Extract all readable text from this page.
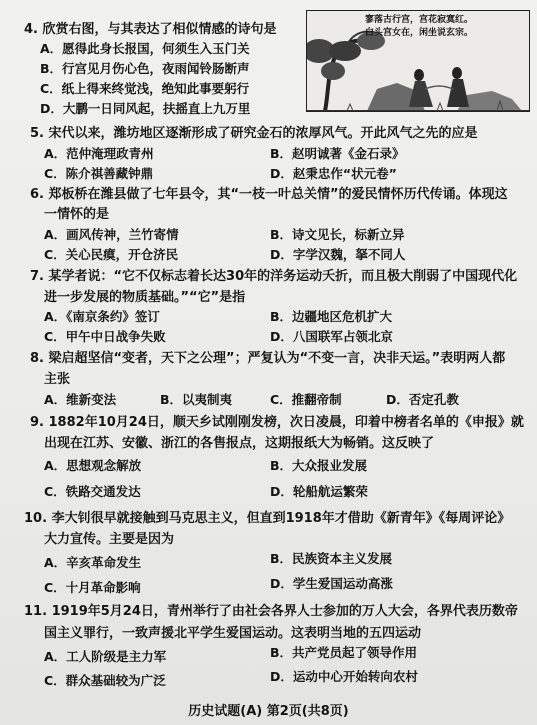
寥落古行宫，宫花寂寞红。
白头宫女在，闲坐说玄宗。
4. 欣赏右图，与其表达了相似情感的诗句是
A．愿得此身长报国，何须生入玉门关
B．行宫见月伤心色，夜雨闻铃肠断声
C．纸上得来终觉浅，绝知此事要躬行
D．大鹏一日同风起，扶摇直上九万里
5. 宋代以来，潍坊地区逐渐形成了研究金石的浓厚风气。开此风气之先的应是
A．范仲淹理政青州	B．赵明诚著《金石录》
C．陈介祺善藏钟鼎	D．赵秉忠作“状元卷”
6. 郑板桥在潍县做了七年县令，其“一枝一叶总关情”的爱民情怀历代传诵。体现这
一情怀的是
A．画风传神，兰竹寄情	B．诗文见长，标新立异
C．关心民瘼，开仓济民	D．字学汉魏，拏不同人
7. 某学者说：“它不仅标志着长达30年的洋务运动夭折，而且极大削弱了中国现代化
进一步发展的物质基础。”“它”是指
A．《南京条约》签订	B．边疆地区危机扩大
C．甲午中日战争失败	D．八国联军占领北京
8. 梁启超坚信“变者，天下之公理”；严复认为“不变一言，决非天运。”表明两人都
主张
A．维新变法	B．以夷制夷	C．推翻帝制	D．否定孔教
9. 1882年10月24日，顺天乡试刚刚发榜，次日凌晨，印着中榜者名单的《申报》就
出现在江苏、安徽、浙江的各售报点，这期报纸大为畅销。这反映了
A．思想观念解放	B．大众报业发展
C．铁路交通发达	D．轮船航运繁荣
10. 李大钊很早就接触到马克思主义，但直到1918年才借助《新青年》《每周评论》
大力宣传。主要是因为
A．辛亥革命发生	B．民族资本主义发展
C．十月革命影响	D．学生爱国运动高涨
11. 1919年5月24日，青州举行了由社会各界人士参加的万人大会，各界代表历数帝
国主义罪行，一致声援北平学生爱国运动。这表明当地的五四运动
A．工人阶级是主力军	B．共产党员起了领导作用
C．群众基础较为广泛	D．运动中心开始转向农村
历史试题(A) 第2页(共8页)
